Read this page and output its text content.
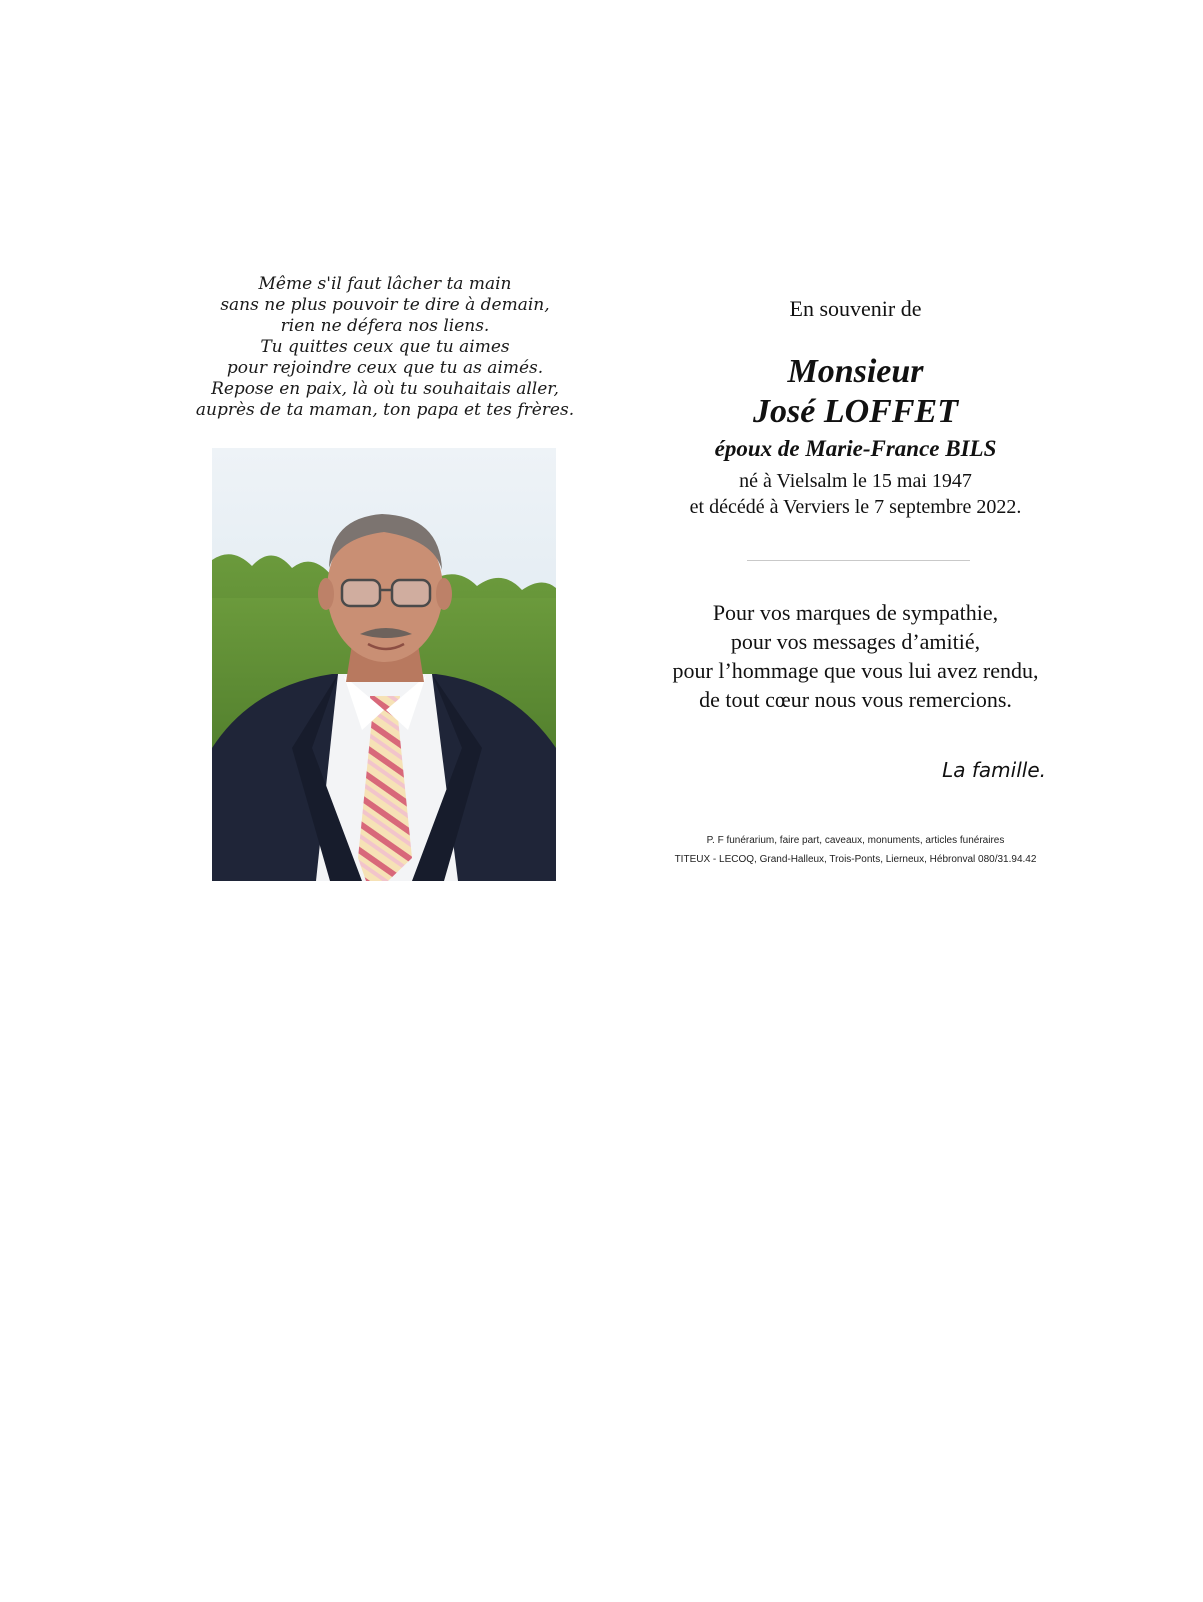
Même s'il faut lâcher ta main
sans ne plus pouvoir te dire à demain,
rien ne défera nos liens.
Tu quittes ceux que tu aimes
pour rejoindre ceux que tu as aimés.
Repose en paix, là où tu souhaitais aller,
auprès de ta maman, ton papa et tes frères.
En souvenir de
Monsieur
José LOFFET
époux de Marie-France BILS
né à Vielsalm le 15 mai 1947
et décédé à Verviers le 7 septembre 2022.
Pour vos marques de sympathie,
pour vos messages d’amitié,
pour l’hommage que vous lui avez rendu,
de tout cœur nous vous remercions.
La famille.
P. F funérarium, faire part, caveaux, monuments, articles funéraires
TITEUX - LECOQ, Grand-Halleux, Trois-Ponts, Lierneux, Hébronval 080/31.94.42
